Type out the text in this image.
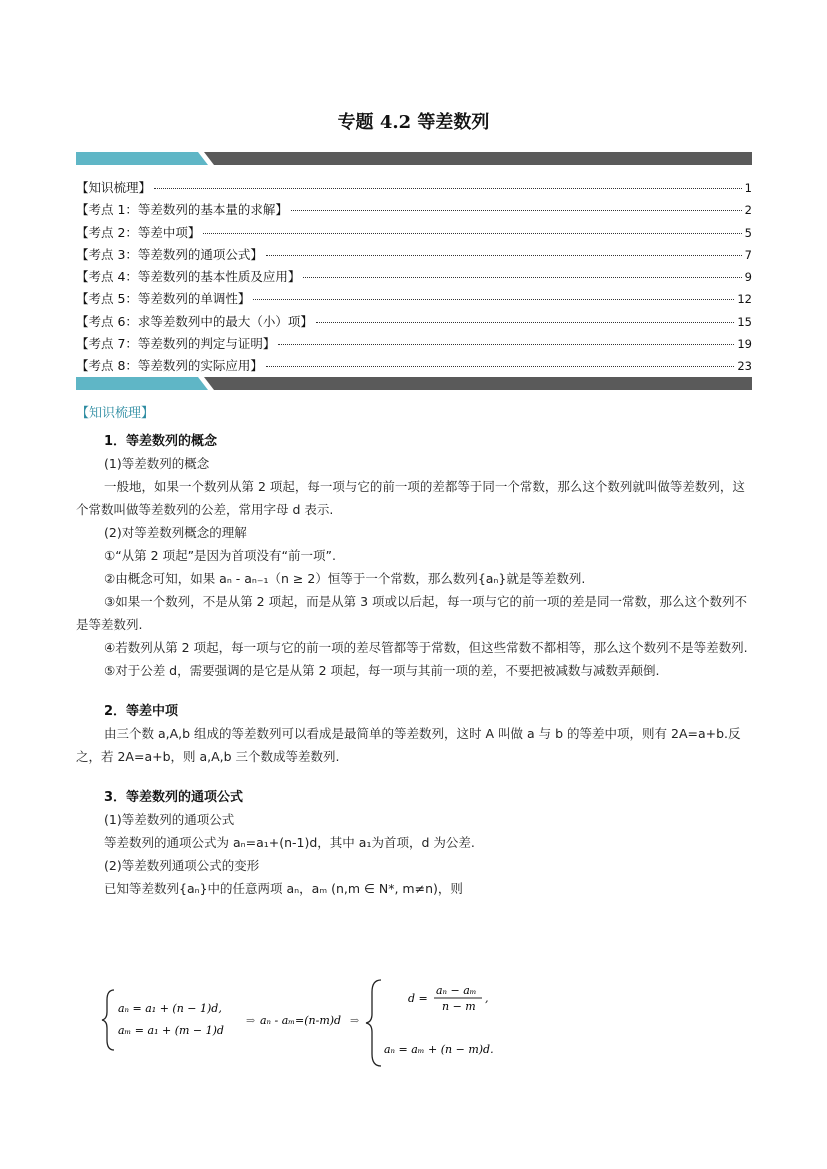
专题 4.2 等差数列
【知识梳理】	1
【考点 1：等差数列的基本量的求解】	2
【考点 2：等差中项】	5
【考点 3：等差数列的通项公式】	7
【考点 4：等差数列的基本性质及应用】	9
【考点 5：等差数列的单调性】	12
【考点 6：求等差数列中的最大（小）项】	15
【考点 7：等差数列的判定与证明】	19
【考点 8：等差数列的实际应用】	23
【知识梳理】
1．等差数列的概念
(1)等差数列的概念
一般地，如果一个数列从第 2 项起，每一项与它的前一项的差都等于同一个常数，那么这个数列就叫做等差数列，这个常数叫做等差数列的公差，常用字母 d 表示.
(2)对等差数列概念的理解
①“从第 2 项起”是因为首项没有“前一项”.
②由概念可知，如果 aₙ - aₙ₋₁（n ≥ 2）恒等于一个常数，那么数列{aₙ}就是等差数列.
③如果一个数列，不是从第 2 项起，而是从第 3 项或以后起，每一项与它的前一项的差是同一常数，那么这个数列不是等差数列.
④若数列从第 2 项起，每一项与它的前一项的差尽管都等于常数，但这些常数不都相等，那么这个数列不是等差数列.
⑤对于公差 d，需要强调的是它是从第 2 项起，每一项与其前一项的差，不要把被减数与减数弄颠倒.
2．等差中项
由三个数 a,A,b 组成的等差数列可以看成是最简单的等差数列，这时 A 叫做 a 与 b 的等差中项，则有 2A=a+b.反之，若 2A=a+b，则 a,A,b 三个数成等差数列.
3．等差数列的通项公式
(1)等差数列的通项公式
等差数列的通项公式为 aₙ=a₁+(n-1)d，其中 a₁为首项，d 为公差.
(2)等差数列通项公式的变形
已知等差数列{aₙ}中的任意两项 aₙ，aₘ (n,m ∈ N*, m≠n)，则
aₙ = a₁ + (n − 1)d,
aₘ = a₁ + (m − 1)d
⇒ aₙ - aₘ=(n-m)d ⇒
d =
aₙ − aₘ
n − m
,
aₙ = aₘ + (n − m)d.
